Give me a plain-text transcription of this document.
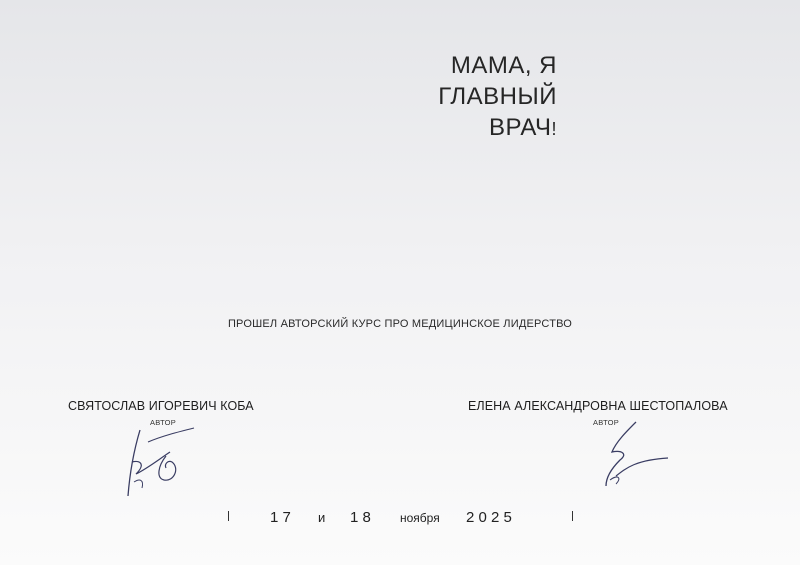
МАМА, Я
ГЛАВНЫЙ
ВРАЧ!
ПРОШЕЛ АВТОРСКИЙ КУРС ПРО МЕДИЦИНСКОЕ ЛИДЕРСТВО
СВЯТОСЛАВ ИГОРЕВИЧ КОБА
АВТОР
ЕЛЕНА АЛЕКСАНДРОВНА ШЕСТОПАЛОВА
АВТОР
1 7 и 1 8 ноября 2 0 2 5
